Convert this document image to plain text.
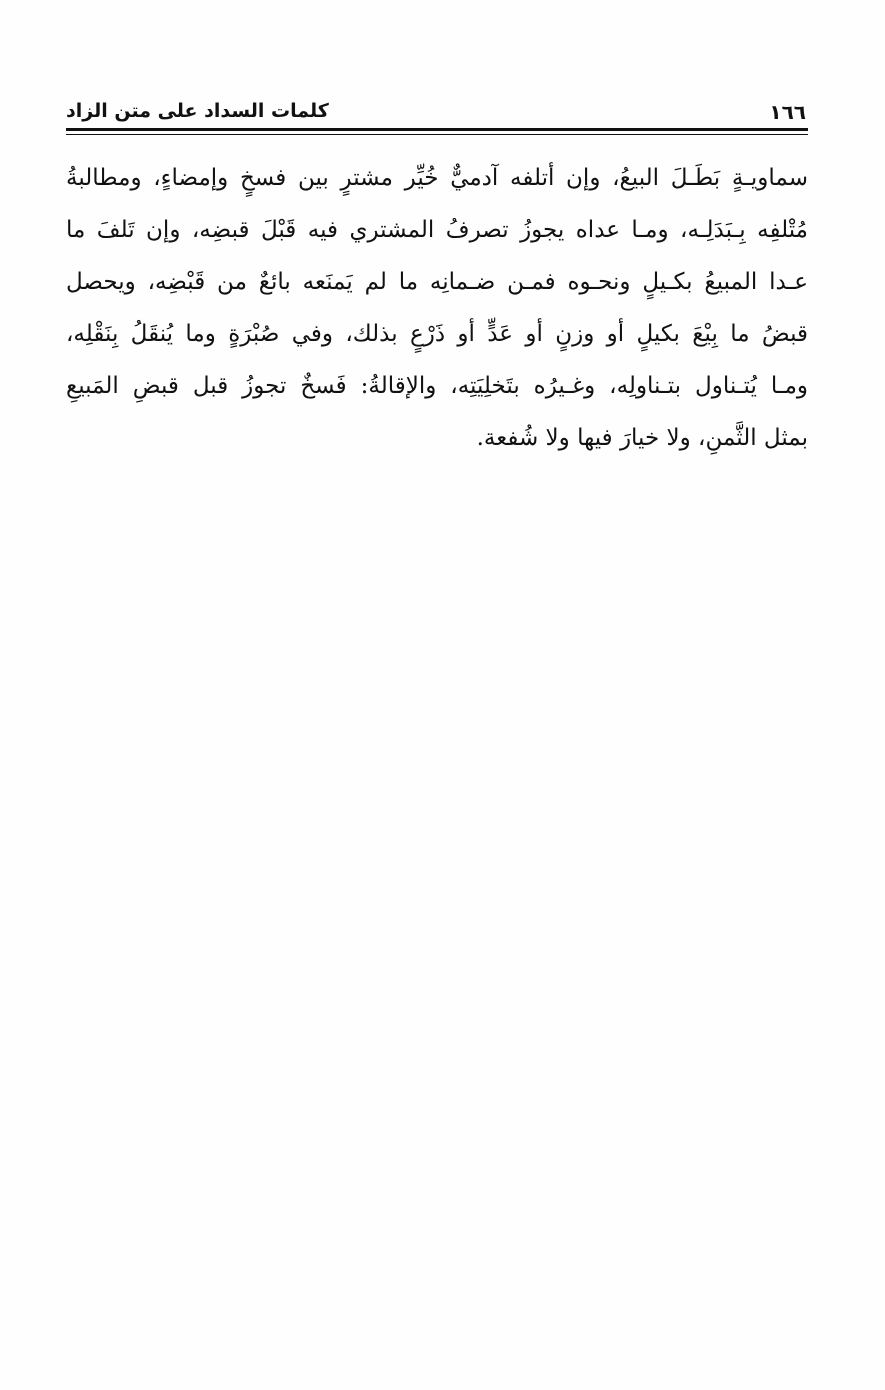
١٦٦
كلمات السداد على متن الزاد
سماويـةٍ بَطَـلَ البيعُ، وإن أتلفه آدميٌّ خُيِّر مشترٍ بين فسخٍ وإمضاءٍ، ومطالبةُ
مُتْلفِه بِـبَدَلِـه، ومـا عداه يجوزُ تصرفُ المشتري فيه قَبْلَ قبضِه، وإن تَلفَ ما
عـدا المبيعُ بكـيلٍ ونحـوه فمـن ضـمانِه ما لم يَمنَعه بائعٌ من قَبْضِه، ويحصل
قبضُ ما بِيْعَ بكيلٍ أو وزنٍ أو عَدٍّ أو ذَرْعٍ بذلك، وفي صُبْرَةٍ وما يُنقَلُ بِنَقْلِه،
ومـا يُتـناول بتـناولِه، وغـيرُه بتَخلِيَتِه، والإقالةُ: فَسخٌ تجوزُ قبل قبضِ المَبيعِ
بمثل الثَّمنِ، ولا خيارَ فيها ولا شُفعة.
